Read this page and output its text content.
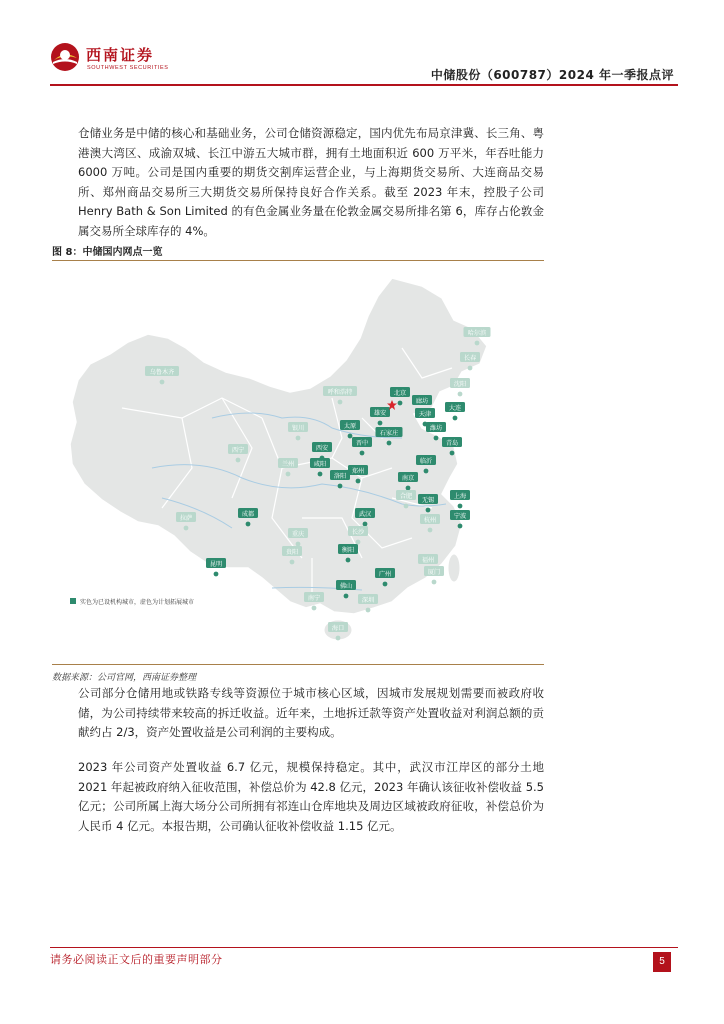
西南证券
SOUTHWEST SECURITIES	中储股份（600787）2024 年一季报点评

仓储业务是中储的核心和基础业务，公司仓储资源稳定，国内优先布局京津冀、长三角、粤港澳大湾区、成渝双城、长江中游五大城市群，拥有土地面积近 600 万平米，年吞吐能力 6000 万吨。公司是国内重要的期货交割库运营企业，与上海期货交易所、大连商品交易所、郑州商品交易所三大期货交易所保持良好合作关系。截至 2023 年末，控股子公司 Henry Bath & Son Limited 的有色金属业务量在伦敦金属交易所排名第 6，库存占伦敦金属交易所全球库存的 4%。

图 8：中储国内网点一览
实色为已设机构城市，虚色为计划拓展城市
北京
廊坊
天津
大连
雄安
石家庄
潍坊
太原
青岛
晋中
临沂
西安
咸阳
郑州
洛阳	南京
上海
无锡
成都	武汉	宁波
衡阳
广州
昆明
佛山
哈尔滨
长春
沈阳
乌鲁木齐
呼和浩特
银川
兰州
西宁
合肥
拉萨
重庆	长沙
杭州
贵阳
福州
厦门
南宁	深圳
海口
数据来源：公司官网，西南证券整理

公司部分仓储用地或铁路专线等资源位于城市核心区域，因城市发展规划需要而被政府收储，为公司持续带来较高的拆迁收益。近年来，土地拆迁款等资产处置收益对利润总额的贡献约占 2/3，资产处置收益是公司利润的主要构成。

2023 年公司资产处置收益 6.7 亿元，规模保持稳定。其中，武汉市江岸区的部分土地 2021 年起被政府纳入征收范围，补偿总价为 42.8 亿元，2023 年确认该征收补偿收益 5.5 亿元；公司所属上海大场分公司所拥有祁连山仓库地块及周边区域被政府征收，补偿总价为人民币 4 亿元。本报告期，公司确认征收补偿收益 1.15 亿元。

请务必阅读正文后的重要声明部分	5
